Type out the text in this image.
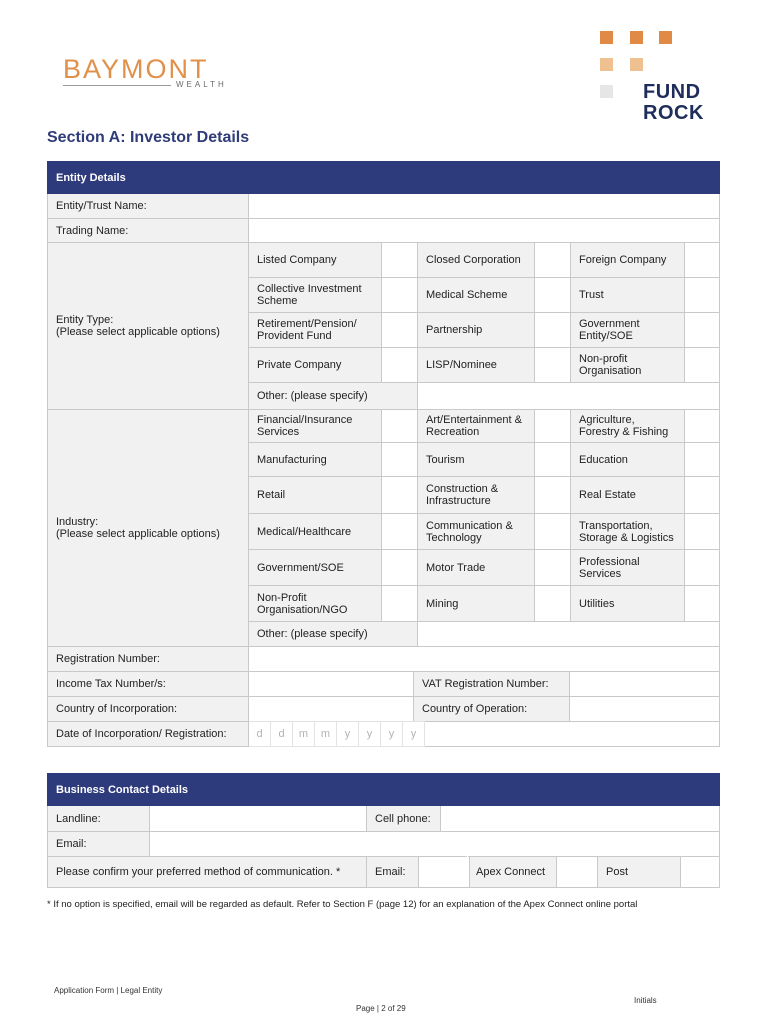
BAYMONT
WEALTH	FUND
ROCK
Section A: Investor Details
Entity Details						
Entity/Trust Name:						
Trading Name:						
Entity Type:
(Please select applicable options)	Listed Company		Closed Corporation		Foreign Company	
	Collective Investment Scheme		Medical Scheme		Trust	
	Retirement/Pension/ Provident Fund		Partnership		Government Entity/SOE	
	Private Company		LISP/Nominee		Non-profit Organisation	
	Other: (please specify)					
Industry:
(Please select applicable options)	Financial/Insurance Services		Art/Entertainment & Recreation		Agriculture, Forestry & Fishing	
	Manufacturing		Tourism		Education	
	Retail		Construction & Infrastructure		Real Estate	
	Medical/Healthcare		Communication & Technology		Transportation, Storage & Logistics	
	Government/SOE		Motor Trade		Professional Services	
	Non-Profit Organisation/NGO		Mining		Utilities	
	Other: (please specify)					
Registration Number:			
Income Tax Number/s:		VAT Registration Number:	
Country of Incorporation:		Country of Operation:	
Date of Incorporation/ Registration:	d	d	m	m	y	y	y	y	
Business Contact Details			
Landline:		Cell phone:	
Email:			
Please confirm your preferred method of communication. *	Email:	Apex Connect		Post	
* If no option is specified, email will be regarded as default. Refer to Section F (page 12) for an explanation of the Apex Connect online portal
Application Form | Legal Entity
Page | 2 of 29
Initials
